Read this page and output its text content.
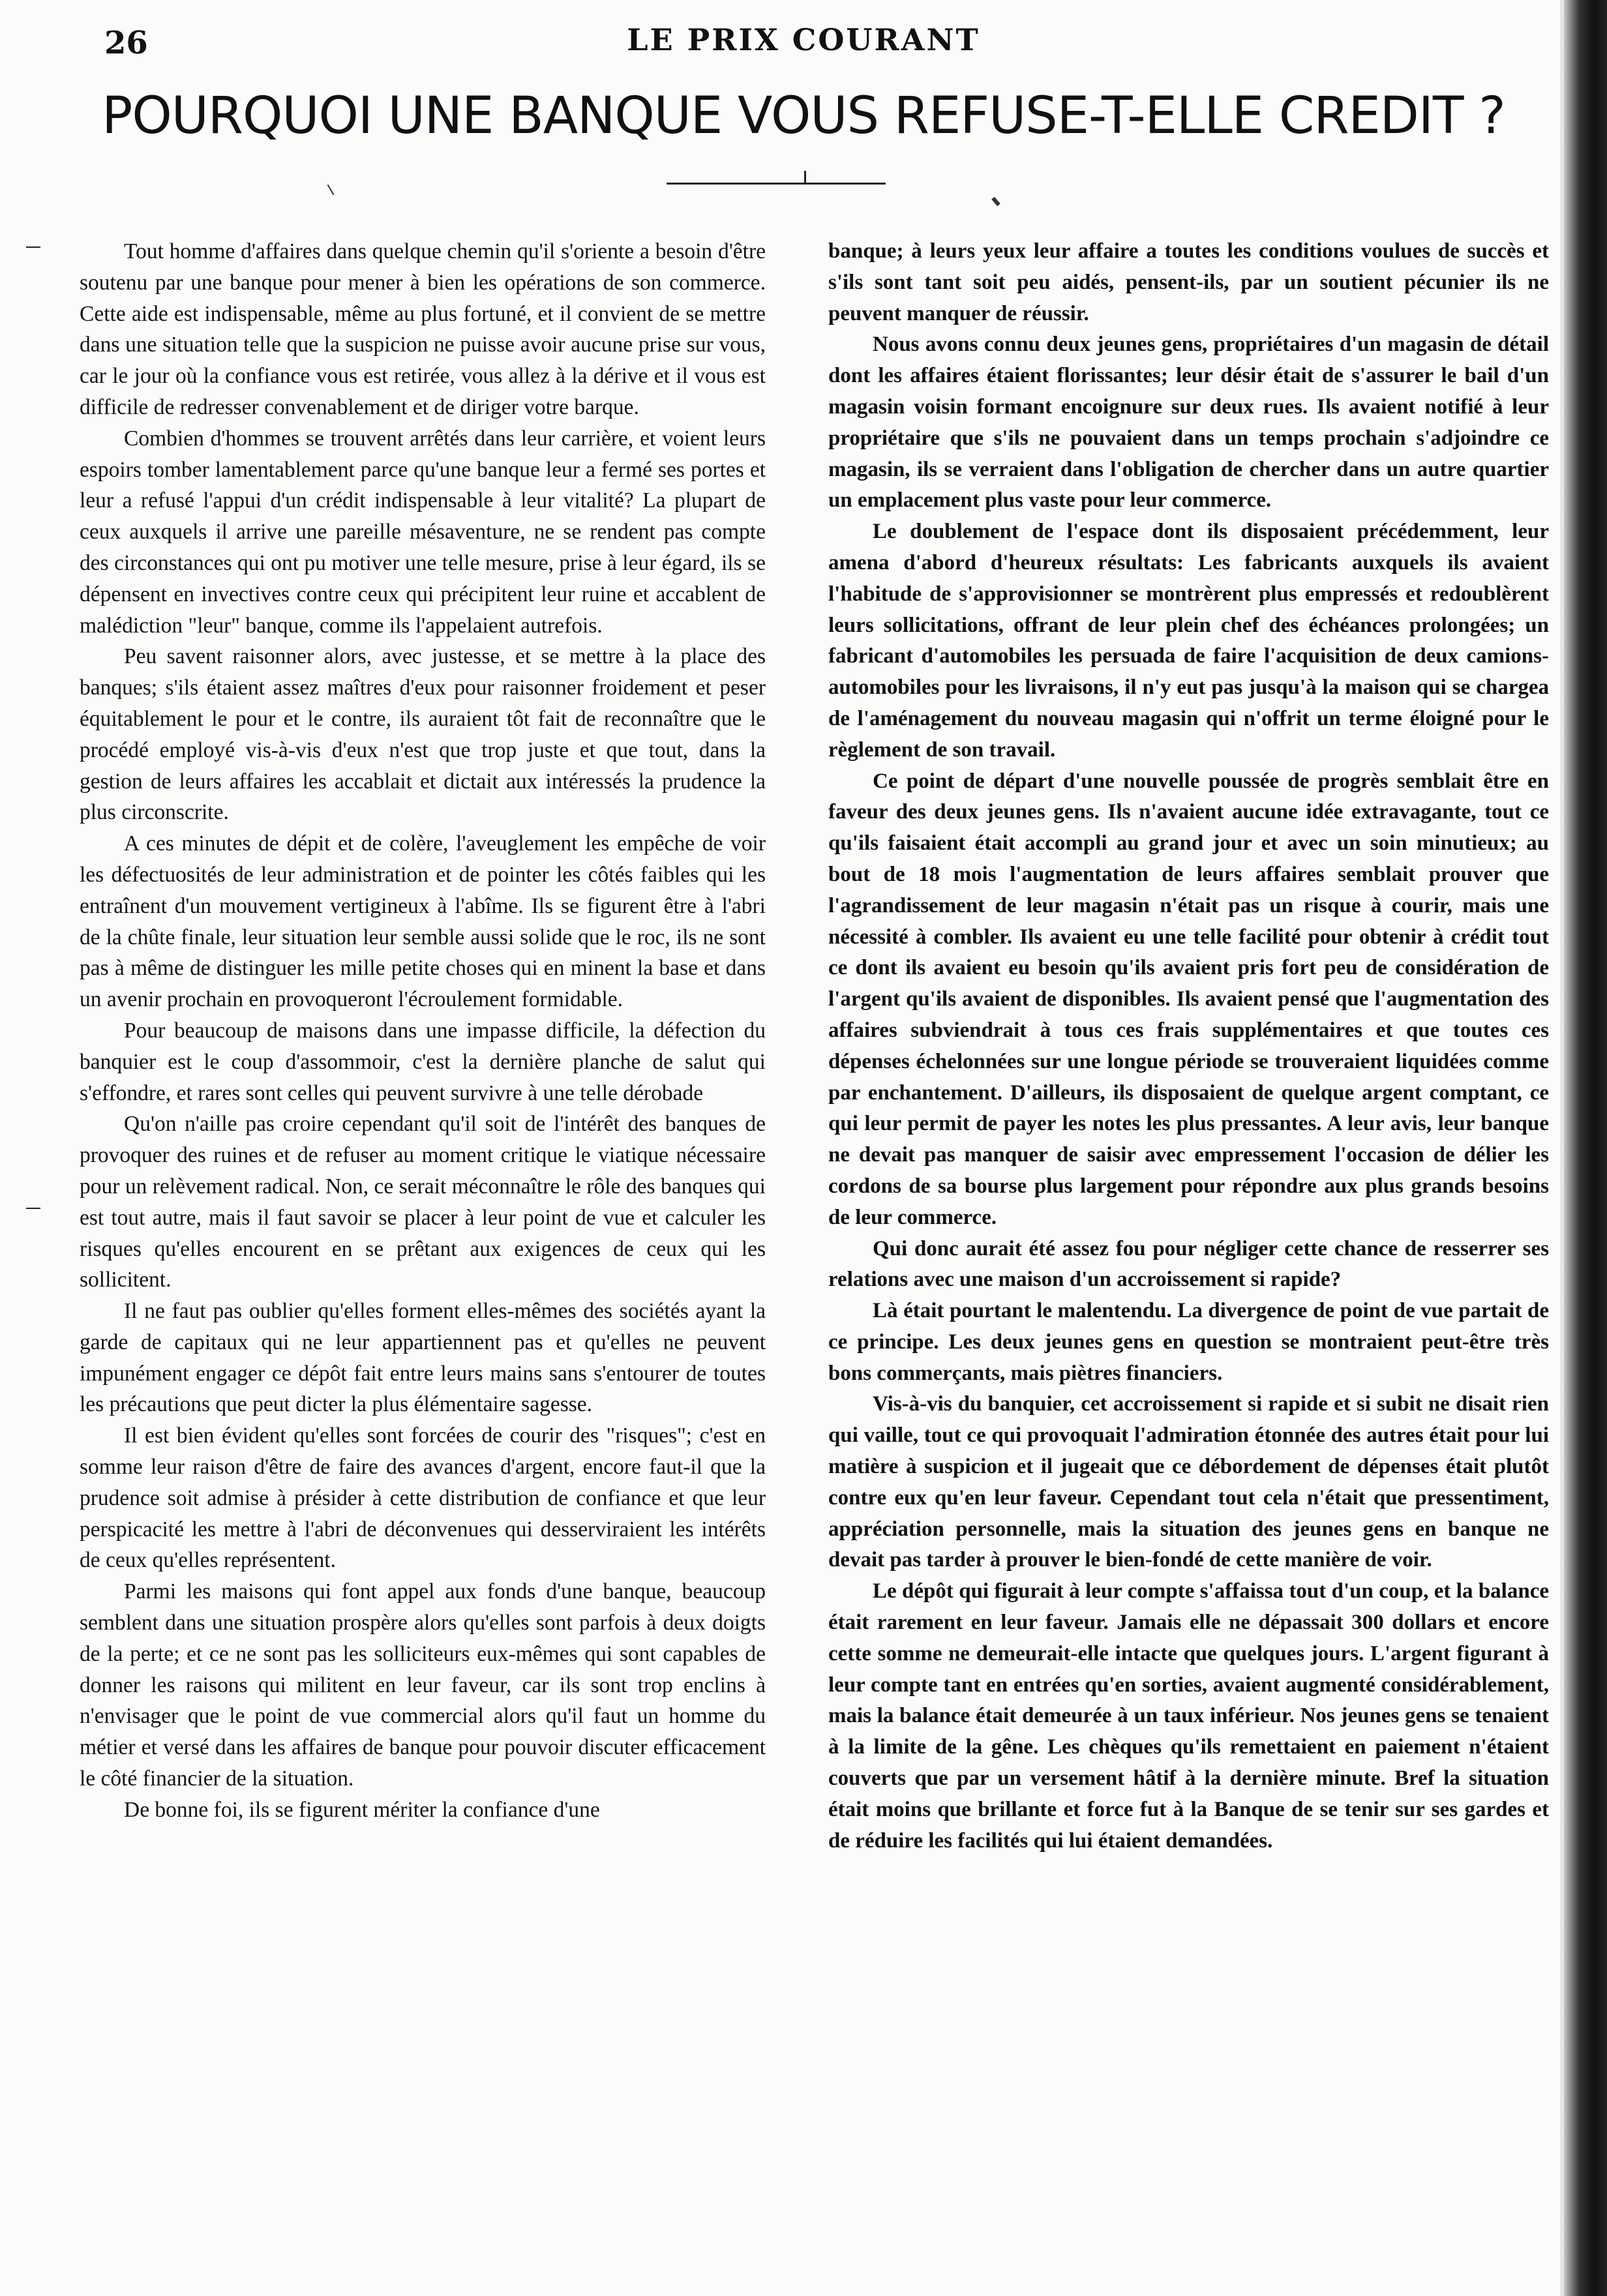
26	LE PRIX COURANT
POURQUOI UNE BANQUE VOUS REFUSE-T-ELLE CREDIT ?

Tout homme d'affaires dans quelque chemin qu'il s'oriente a besoin d'être soutenu par une banque pour mener à bien les opérations de son commerce. Cette aide est indispensable, même au plus fortuné, et il convient de se mettre dans une situation telle que la suspicion ne puisse avoir aucune prise sur vous, car le jour où la confiance vous est retirée, vous allez à la dérive et il vous est difficile de redresser convenablement et de diriger votre barque.

Combien d'hommes se trouvent arrêtés dans leur carrière, et voient leurs espoirs tomber lamentablement parce qu'une banque leur a fermé ses portes et leur a refusé l'appui d'un crédit indispensable à leur vitalité? La plupart de ceux auxquels il arrive une pareille mésaventure, ne se rendent pas compte des circonstances qui ont pu motiver une telle mesure, prise à leur égard, ils se dépensent en invectives contre ceux qui précipitent leur ruine et accablent de malédiction "leur" banque, comme ils l'appelaient autrefois.

Peu savent raisonner alors, avec justesse, et se mettre à la place des banques; s'ils étaient assez maîtres d'eux pour raisonner froidement et peser équitablement le pour et le contre, ils auraient tôt fait de reconnaître que le procédé employé vis-à-vis d'eux n'est que trop juste et que tout, dans la gestion de leurs affaires les accablait et dictait aux intéressés la prudence la plus circonscrite.

A ces minutes de dépit et de colère, l'aveuglement les empêche de voir les défectuosités de leur administration et de pointer les côtés faibles qui les entraînent d'un mouvement vertigineux à l'abîme. Ils se figurent être à l'abri de la chûte finale, leur situation leur semble aussi solide que le roc, ils ne sont pas à même de distinguer les mille petite choses qui en minent la base et dans un avenir prochain en provoqueront l'écroulement formidable.

Pour beaucoup de maisons dans une impasse difficile, la défection du banquier est le coup d'assommoir, c'est la dernière planche de salut qui s'effondre, et rares sont celles qui peuvent survivre à une telle dérobade

Qu'on n'aille pas croire cependant qu'il soit de l'intérêt des banques de provoquer des ruines et de refuser au moment critique le viatique nécessaire pour un relèvement radical. Non, ce serait méconnaître le rôle des banques qui est tout autre, mais il faut savoir se placer à leur point de vue et calculer les risques qu'elles encourent en se prêtant aux exigences de ceux qui les sollicitent.

Il ne faut pas oublier qu'elles forment elles-mêmes des sociétés ayant la garde de capitaux qui ne leur appartiennent pas et qu'elles ne peuvent impunément engager ce dépôt fait entre leurs mains sans s'entourer de toutes les précautions que peut dicter la plus élémentaire sagesse.

Il est bien évident qu'elles sont forcées de courir des "risques"; c'est en somme leur raison d'être de faire des avances d'argent, encore faut-il que la prudence soit admise à présider à cette distribution de confiance et que leur perspicacité les mettre à l'abri de déconvenues qui desserviraient les intérêts de ceux qu'elles représentent.

Parmi les maisons qui font appel aux fonds d'une banque, beaucoup semblent dans une situation prospère alors qu'elles sont parfois à deux doigts de la perte; et ce ne sont pas les solliciteurs eux-mêmes qui sont capables de donner les raisons qui militent en leur faveur, car ils sont trop enclins à n'envisager que le point de vue commercial alors qu'il faut un homme du métier et versé dans les affaires de banque pour pouvoir discuter efficacement le côté financier de la situation.

De bonne foi, ils se figurent mériter la confiance d'une

banque; à leurs yeux leur affaire a toutes les conditions voulues de succès et s'ils sont tant soit peu aidés, pensent-ils, par un soutient pécunier ils ne peuvent manquer de réussir.

Nous avons connu deux jeunes gens, propriétaires d'un magasin de détail dont les affaires étaient florissantes; leur désir était de s'assurer le bail d'un magasin voisin formant encoignure sur deux rues. Ils avaient notifié à leur propriétaire que s'ils ne pouvaient dans un temps prochain s'adjoindre ce magasin, ils se verraient dans l'obligation de chercher dans un autre quartier un emplacement plus vaste pour leur commerce.

Le doublement de l'espace dont ils disposaient précédemment, leur amena d'abord d'heureux résultats: Les fabricants auxquels ils avaient l'habitude de s'approvisionner se montrèrent plus empressés et redoublèrent leurs sollicitations, offrant de leur plein chef des échéances prolongées; un fabricant d'automobiles les persuada de faire l'acquisition de deux camions-automobiles pour les livraisons, il n'y eut pas jusqu'à la maison qui se chargea de l'aménagement du nouveau magasin qui n'offrit un terme éloigné pour le règlement de son travail.

Ce point de départ d'une nouvelle poussée de progrès semblait être en faveur des deux jeunes gens. Ils n'avaient aucune idée extravagante, tout ce qu'ils faisaient était accompli au grand jour et avec un soin minutieux; au bout de 18 mois l'augmentation de leurs affaires semblait prouver que l'agrandissement de leur magasin n'était pas un risque à courir, mais une nécessité à combler. Ils avaient eu une telle facilité pour obtenir à crédit tout ce dont ils avaient eu besoin qu'ils avaient pris fort peu de considération de l'argent qu'ils avaient de disponibles. Ils avaient pensé que l'augmentation des affaires subviendrait à tous ces frais supplémentaires et que toutes ces dépenses échelonnées sur une longue période se trouveraient liquidées comme par enchantement. D'ailleurs, ils disposaient de quelque argent comptant, ce qui leur permit de payer les notes les plus pressantes. A leur avis, leur banque ne devait pas manquer de saisir avec empressement l'occasion de délier les cordons de sa bourse plus largement pour répondre aux plus grands besoins de leur commerce.

Qui donc aurait été assez fou pour négliger cette chance de resserrer ses relations avec une maison d'un accroissement si rapide?

Là était pourtant le malentendu. La divergence de point de vue partait de ce principe. Les deux jeunes gens en question se montraient peut-être très bons commerçants, mais piètres financiers.

Vis-à-vis du banquier, cet accroissement si rapide et si subit ne disait rien qui vaille, tout ce qui provoquait l'admiration étonnée des autres était pour lui matière à suspicion et il jugeait que ce débordement de dépenses était plutôt contre eux qu'en leur faveur. Cependant tout cela n'était que pressentiment, appréciation personnelle, mais la situation des jeunes gens en banque ne devait pas tarder à prouver le bien-fondé de cette manière de voir.

Le dépôt qui figurait à leur compte s'affaissa tout d'un coup, et la balance était rarement en leur faveur. Jamais elle ne dépassait 300 dollars et encore cette somme ne demeurait-elle intacte que quelques jours. L'argent figurant à leur compte tant en entrées qu'en sorties, avaient augmenté considérablement, mais la balance était demeurée à un taux inférieur. Nos jeunes gens se tenaient à la limite de la gêne. Les chèques qu'ils remettaient en paiement n'étaient couverts que par un versement hâtif à la dernière minute. Bref la situation était moins que brillante et force fut à la Banque de se tenir sur ses gardes et de réduire les facilités qui lui étaient demandées.
